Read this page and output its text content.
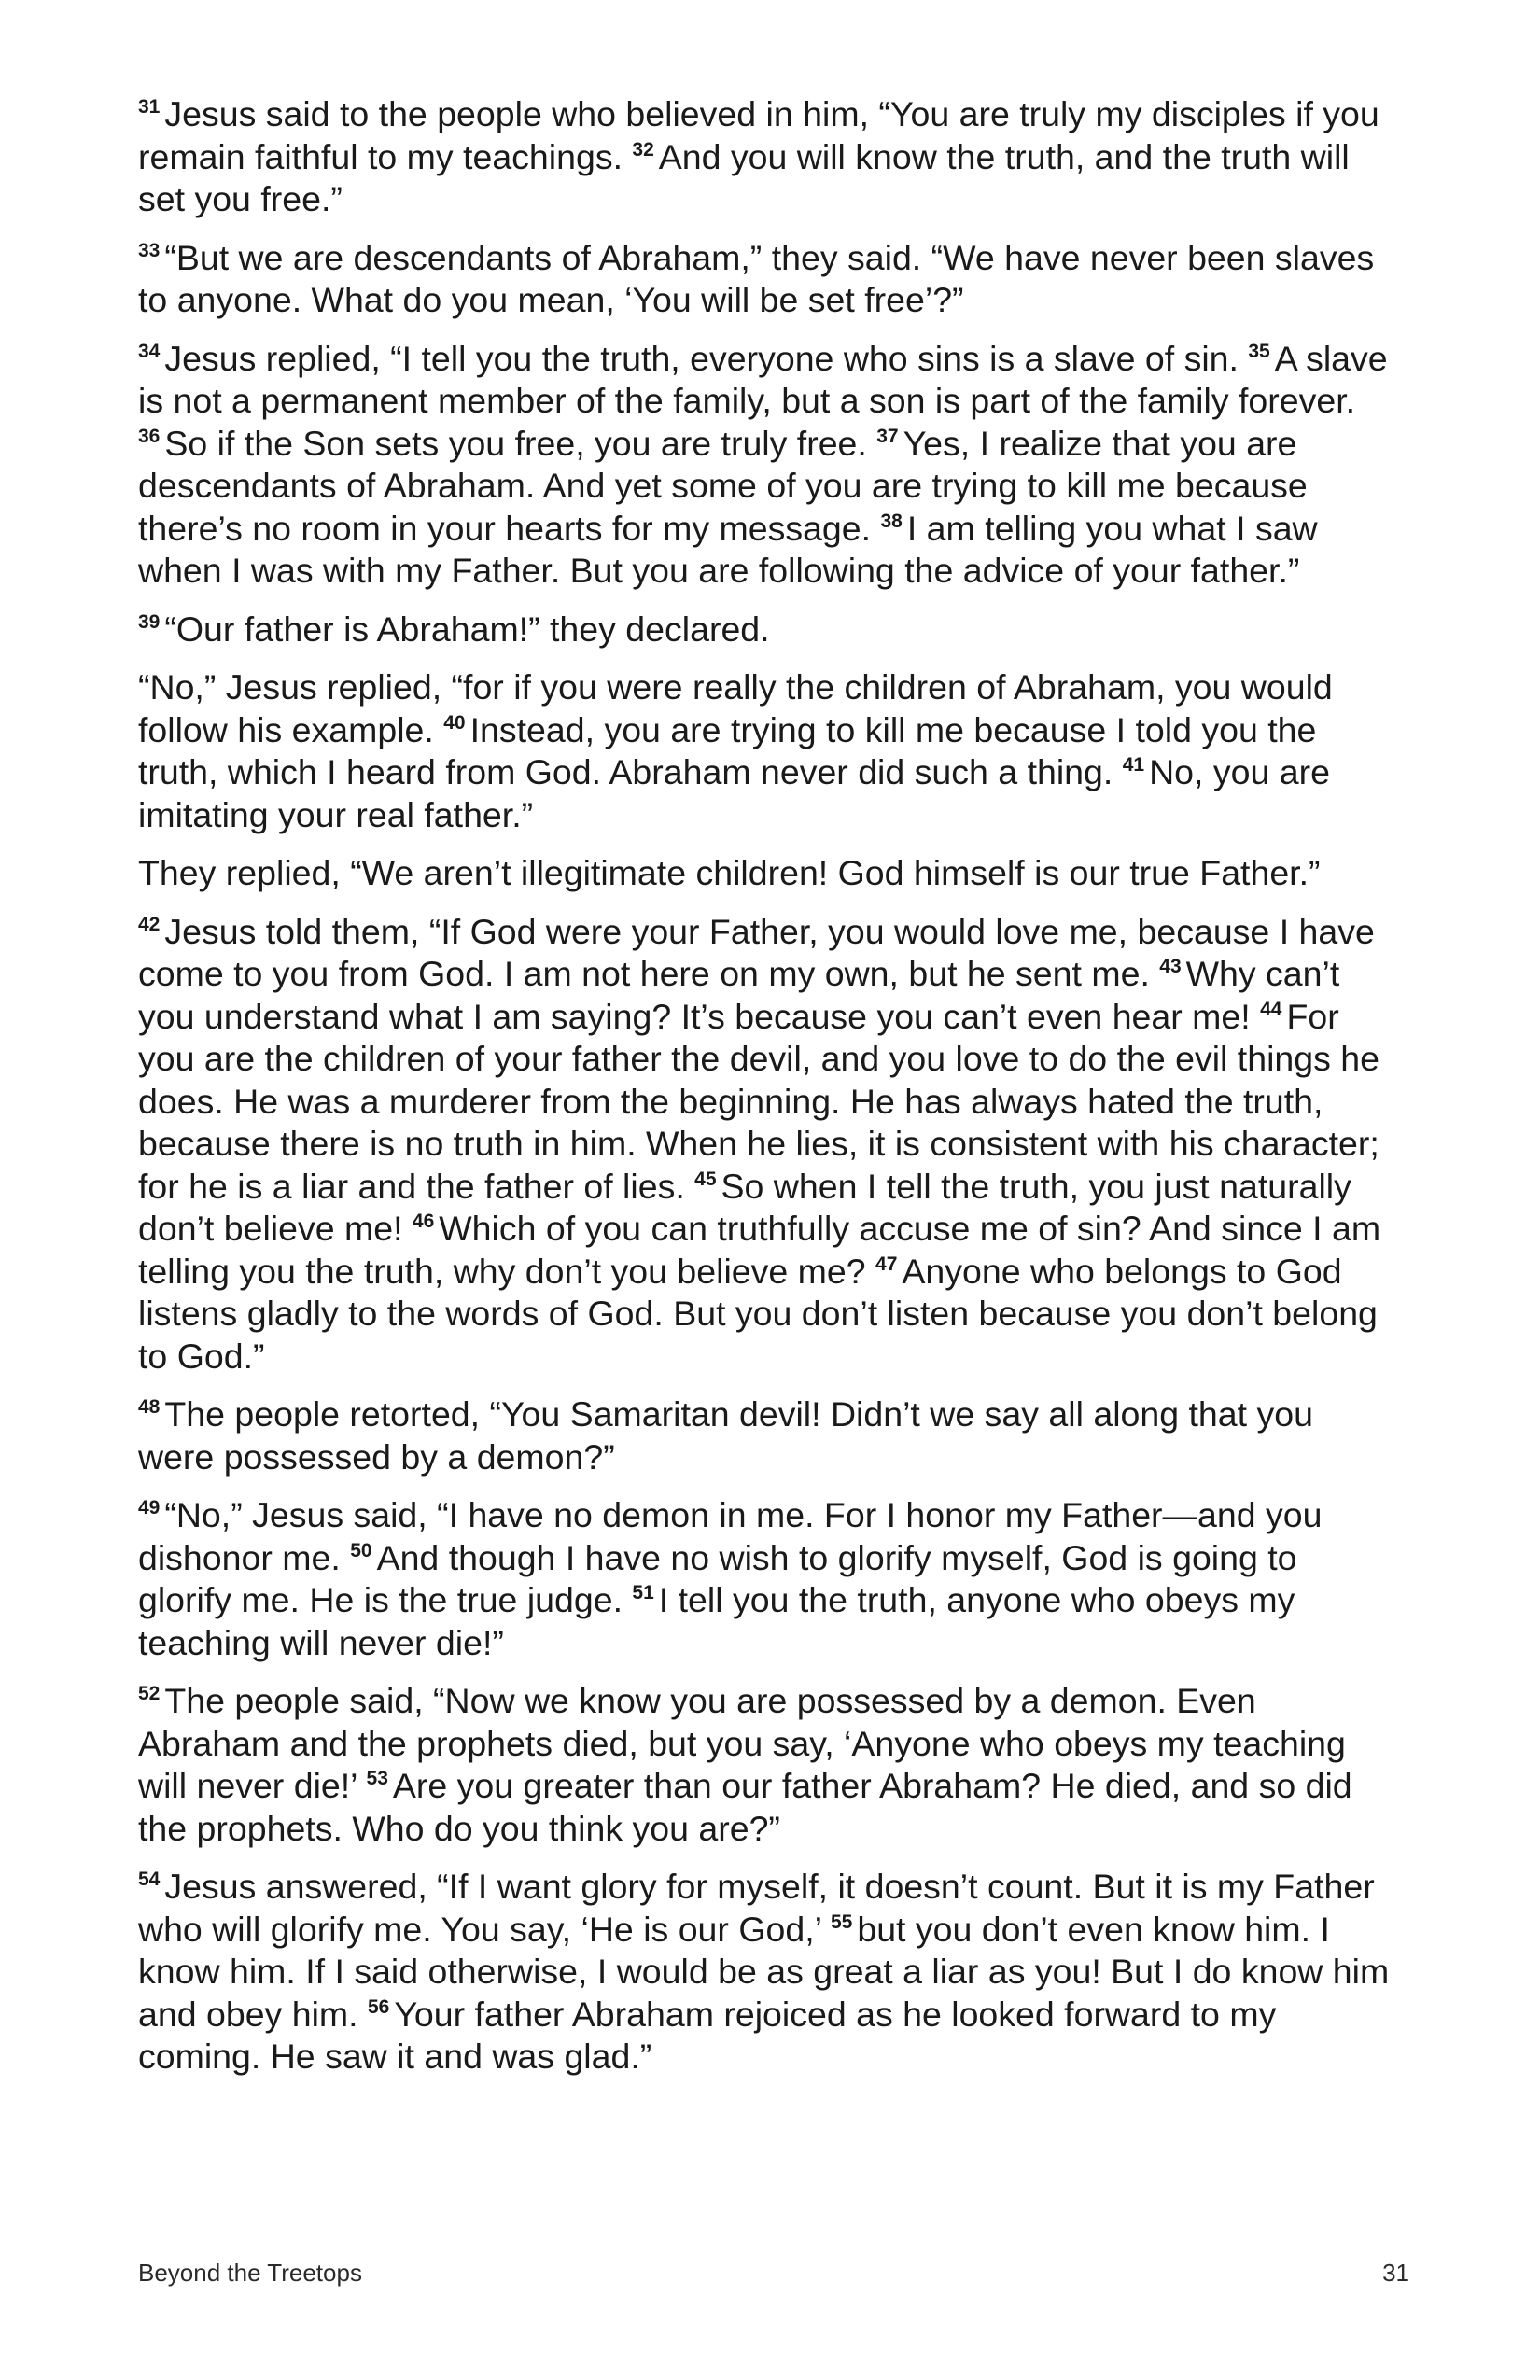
$^{31}$ Jesus said to the people who believed in him, “You are truly my disciples if you remain faithful to my teachings. $^{32}$ And you will know the truth, and the truth will set you free.”

$^{33}$ “But we are descendants of Abraham,” they said. “We have never been slaves to anyone. What do you mean, ‘You will be set free’?”

$^{34}$ Jesus replied, “I tell you the truth, everyone who sins is a slave of sin. $^{35}$ A slave is not a permanent member of the family, but a son is part of the family forever. $^{36}$ So if the Son sets you free, you are truly free. $^{37}$ Yes, I realize that you are descendants of Abraham. And yet some of you are trying to kill me because there’s no room in your hearts for my message. $^{38}$ I am telling you what I saw when I was with my Father. But you are following the advice of your father.”

$^{39}$ “Our father is Abraham!” they declared.

“No,” Jesus replied, “for if you were really the children of Abraham, you would follow his example. $^{40}$ Instead, you are trying to kill me because I told you the truth, which I heard from God. Abraham never did such a thing. $^{41}$ No, you are imitating your real father.”

They replied, “We aren’t illegitimate children! God himself is our true Father.”

$^{42}$ Jesus told them, “If God were your Father, you would love me, because I have come to you from God. I am not here on my own, but he sent me. $^{43}$ Why can’t you understand what I am saying? It’s because you can’t even hear me! $^{44}$ For you are the children of your father the devil, and you love to do the evil things he does. He was a murderer from the beginning. He has always hated the truth, because there is no truth in him. When he lies, it is consistent with his character; for he is a liar and the father of lies. $^{45}$ So when I tell the truth, you just naturally don’t believe me! $^{46}$ Which of you can truthfully accuse me of sin? And since I am telling you the truth, why don’t you believe me? $^{47}$ Anyone who belongs to God listens gladly to the words of God. But you don’t listen because you don’t belong to God.”

$^{48}$ The people retorted, “You Samaritan devil! Didn’t we say all along that you were possessed by a demon?”

$^{49}$ “No,” Jesus said, “I have no demon in me. For I honor my Father—and you dishonor me. $^{50}$ And though I have no wish to glorify myself, God is going to glorify me. He is the true judge. $^{51}$ I tell you the truth, anyone who obeys my teaching will never die!”

$^{52}$ The people said, “Now we know you are possessed by a demon. Even Abraham and the prophets died, but you say, ‘Anyone who obeys my teaching will never die!’ $^{53}$ Are you greater than our father Abraham? He died, and so did the prophets. Who do you think you are?”

$^{54}$ Jesus answered, “If I want glory for myself, it doesn’t count. But it is my Father who will glorify me. You say, ‘He is our God,’ $^{55}$ but you don’t even know him. I know him. If I said otherwise, I would be as great a liar as you! But I do know him and obey him. $^{56}$ Your father Abraham rejoiced as he looked forward to my coming. He saw it and was glad.”

Beyond the Treetops	31
